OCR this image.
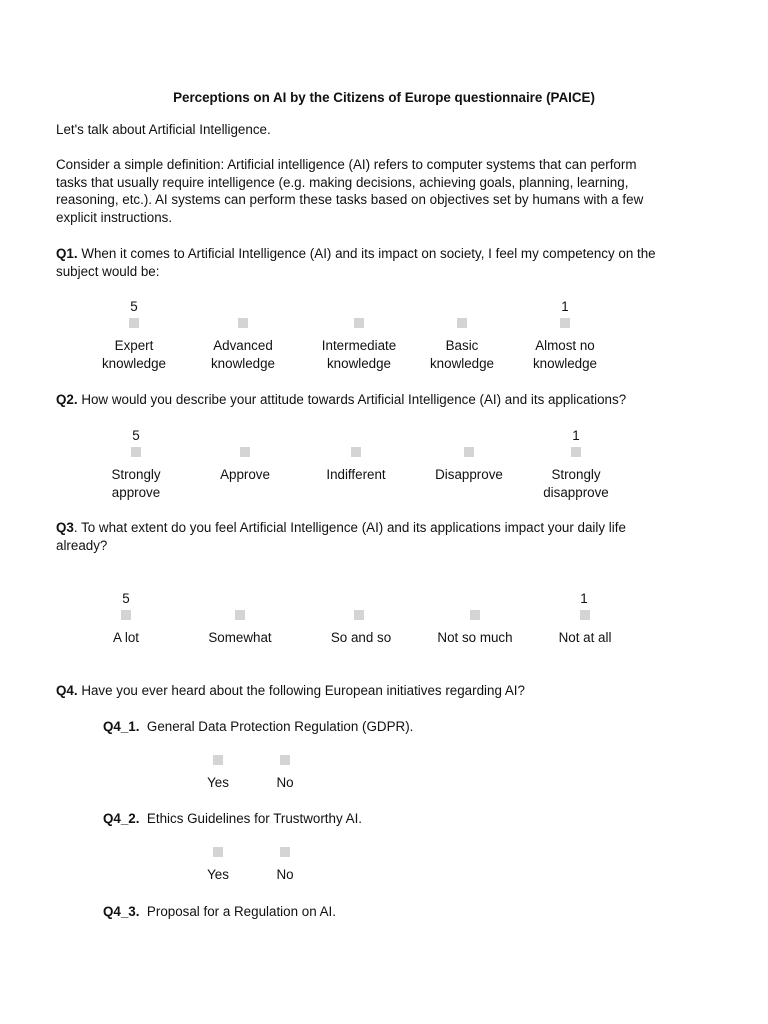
Perceptions on AI by the Citizens of Europe questionnaire (PAICE)
Let's talk about Artificial Intelligence.
Consider a simple definition: Artificial intelligence (AI) refers to computer systems that can perform
tasks that usually require intelligence (e.g. making decisions, achieving goals, planning, learning,
reasoning, etc.). AI systems can perform these tasks based on objectives set by humans with a few
explicit instructions.
Q1. When it comes to Artificial Intelligence (AI) and its impact on society, I feel my competency on the
subject would be:
5	1
Expert
knowledge
Advanced
knowledge
Intermediate
knowledge
Basic
knowledge
Almost no
knowledge
Q2. How would you describe your attitude towards Artificial Intelligence (AI) and its applications?
5	1
Strongly
approve
Approve	Indifferent	Disapprove	Strongly
disapprove
Q3. To what extent do you feel Artificial Intelligence (AI) and its applications impact your daily life
already?
5	1
A lot	Somewhat	So and so	Not so much	Not at all
Q4. Have you ever heard about the following European initiatives regarding AI?
Q4_1.  General Data Protection Regulation (GDPR).
Yes	No
Q4_2.  Ethics Guidelines for Trustworthy AI.
Yes	No
Q4_3.  Proposal for a Regulation on AI.
